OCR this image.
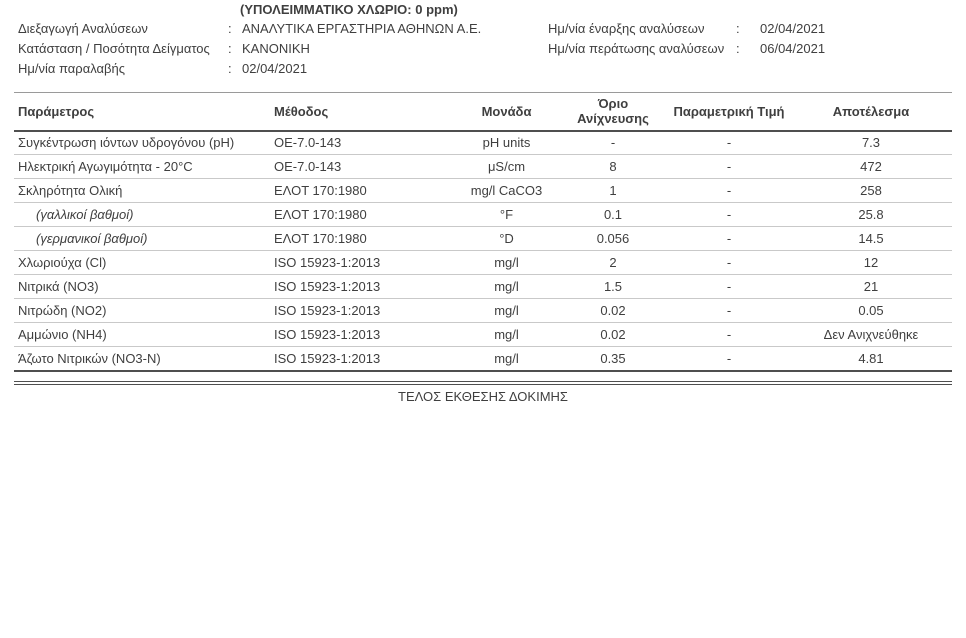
(ΥΠΟΛΕΙΜΜΑΤΙΚΟ ΧΛΩΡΙΟ: 0 ppm)
Διεξαγωγή Αναλύσεων	: ΑΝΑΛΥΤΙΚΑ ΕΡΓΑΣΤΗΡΙΑ ΑΘΗΝΩΝ Α.Ε.
Κατάσταση / Ποσότητα Δείγματος : ΚΑΝΟΝΙΚΗ
Ημ/νία παραλαβής	: 02/04/2021
Ημ/νία έναρξης αναλύσεων : 02/04/2021
Ημ/νία περάτωσης αναλύσεων : 06/04/2021
Παράμετρος	Μέθοδος	Μονάδα	Όριο Ανίχνευσης	Παραμετρική Τιμή	Αποτέλεσμα
Συγκέντρωση ιόντων υδρογόνου (pH)	ΟΕ-7.0-143	pH units	-	-	7.3
Ηλεκτρική Αγωγιμότητα - 20°C	ΟΕ-7.0-143	μS/cm	8	-	472
Σκληρότητα Ολική	ΕΛΟΤ 170:1980	mg/l CaCO3	1	-	258
(γαλλικοί βαθμοί)	ΕΛΟΤ 170:1980	°F	0.1	-	25.8
(γερμανικοί βαθμοί)	ΕΛΟΤ 170:1980	°D	0.056	-	14.5
Χλωριούχα (Cl)	ISO 15923-1:2013	mg/l	2	-	12
Νιτρικά (NO3)	ISO 15923-1:2013	mg/l	1.5	-	21
Νιτρώδη (NO2)	ISO 15923-1:2013	mg/l	0.02	-	0.05
Αμμώνιο (NH4)	ISO 15923-1:2013	mg/l	0.02	-	Δεν Ανιχνεύθηκε
Άζωτο Νιτρικών (NO3-N)	ISO 15923-1:2013	mg/l	0.35	-	4.81
ΤΕΛΟΣ ΕΚΘΕΣΗΣ ΔΟΚΙΜΗΣ
